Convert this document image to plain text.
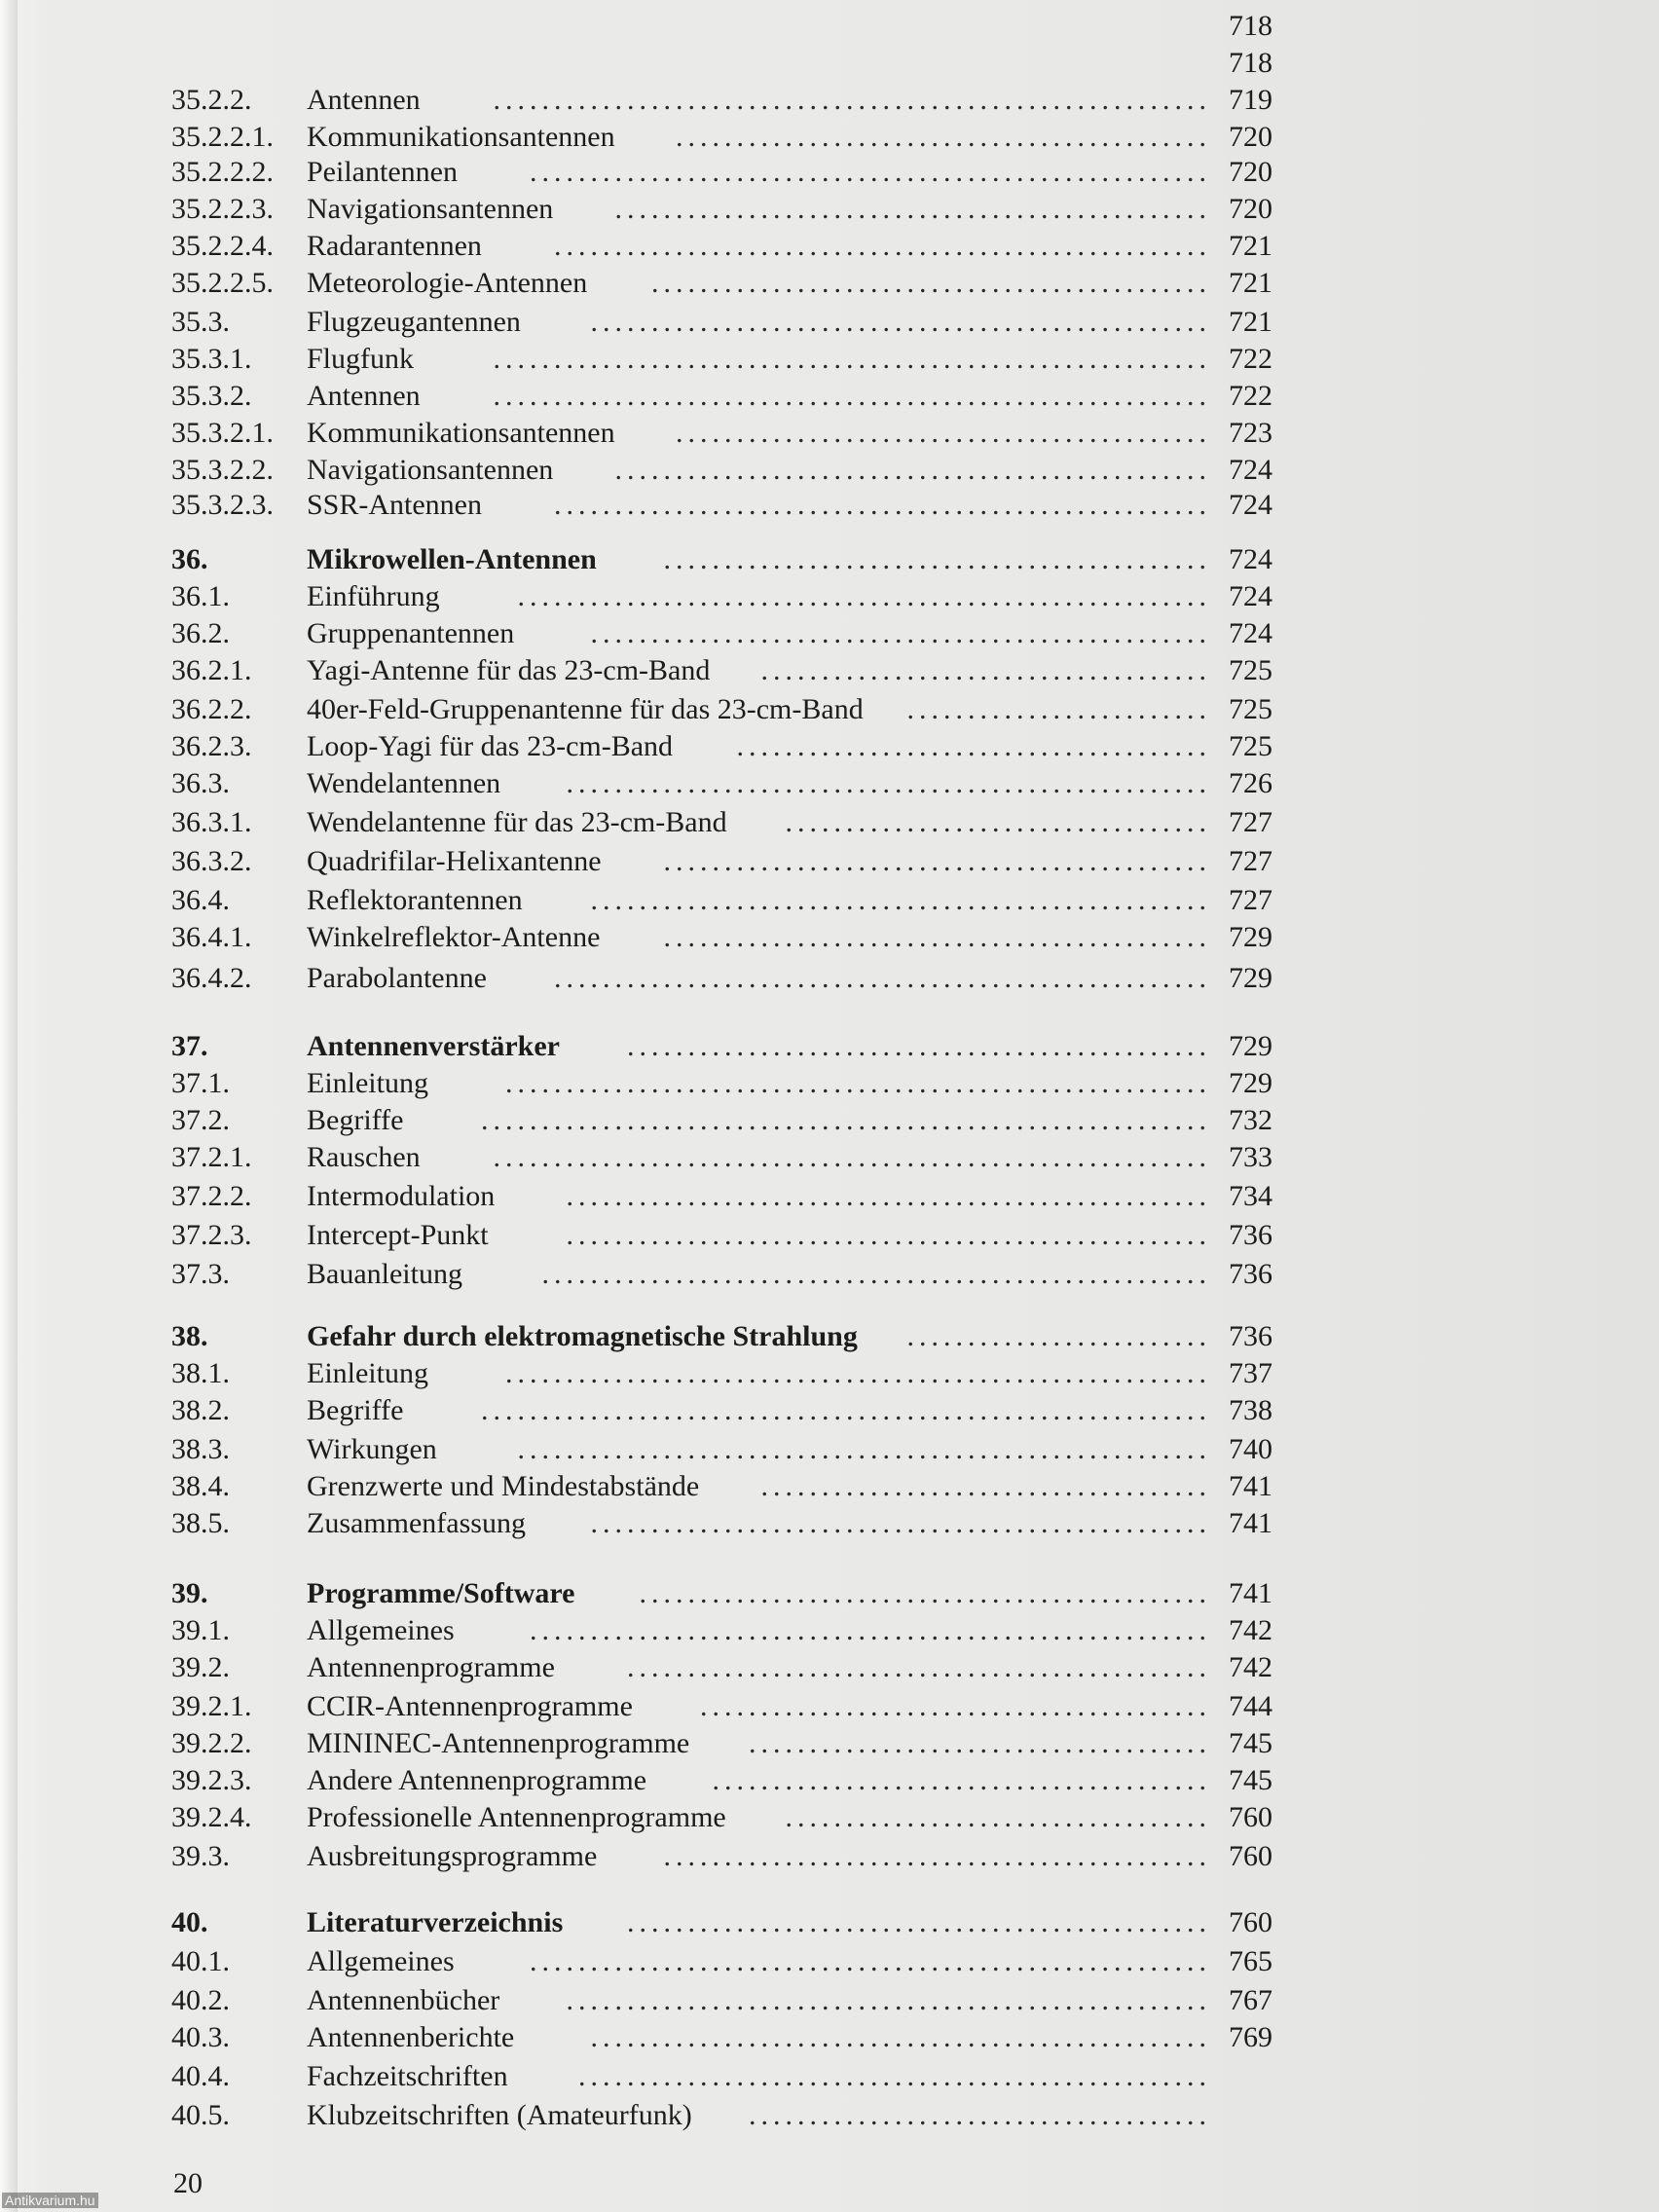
35.2.2. Antennen ........................................................... 719
35.2.2.1. Kommunikationsantennen ............................................ 720
35.2.2.2. Peilantennen ........................................................ 720
35.2.2.3. Navigationsantennen ................................................. 720
35.2.2.4. Radarantennen ...................................................... 721
35.2.2.5. Meteorologie-Antennen .............................................. 721
35.3.	Flugzeugantennen ................................................... 721
35.3.1. Flugfunk	........................................................... 722
35.3.2. Antennen ........................................................... 722
35.3.2.1. Kommunikationsantennen ............................................ 723
35.3.2.2. Navigationsantennen ................................................. 724
35.3.2.3. SSR-Antennen ...................................................... 724
36.	Mikrowellen-Antennen ............................................. 724
36.1.	Einführung	......................................................... 724
36.2.	Gruppenantennen	................................................... 724
36.2.1. Yagi-Antenne für das 23-cm-Band ..................................... 725
36.2.2. 40er-Feld-Gruppenantenne für das 23-cm-Band ......................... 725
36.2.3. Loop-Yagi für das 23-cm-Band ....................................... 725
36.3.	Wendelantennen ..................................................... 726
36.3.1. Wendelantenne für das 23-cm-Band ................................... 727
36.3.2. Quadrifilar-Helixantenne ............................................. 727
36.4.	Reflektorantennen ................................................... 727
36.4.1. Winkelreflektor-Antenne ............................................. 729
36.4.2. Parabolantenne ...................................................... 729
37.	Antennenverstärker ................................................ 729
37.1.	Einleitung	.......................................................... 729
37.2.	Begriffe	............................................................ 732
37.2.1. Rauschen ........................................................... 733
37.2.2. Intermodulation ..................................................... 734
37.2.3. Intercept-Punkt	..................................................... 736
37.3.	Bauanleitung	....................................................... 736
38.	Gefahr durch elektromagnetische Strahlung ......................... 736
38.1.	Einleitung	.......................................................... 737
38.2.	Begriffe	............................................................ 738
38.3.	Wirkungen	......................................................... 740
38.4.	Grenzwerte und Mindestabstände ..................................... 741
38.5.	Zusammenfassung ................................................... 741
39.	Programme/Software ............................................... 741
39.1.	Allgemeines	........................................................ 742
39.2.	Antennenprogramme ................................................ 742
39.2.1. CCIR-Antennenprogramme .......................................... 744
39.2.2. MININEC-Antennenprogramme ...................................... 745
39.2.3. Andere Antennenprogramme ......................................... 745
39.2.4. Professionelle Antennenprogramme ................................... 760
39.3.	Ausbreitungsprogramme ............................................. 760
40.	Literaturverzeichnis ................................................ 760
40.1.	Allgemeines	........................................................ 765
40.2.	Antennenbücher ..................................................... 767
40.3.	Antennenberichte	................................................... 769
40.4.	Fachzeitschriften ....................................................
40.5.	Klubzeitschriften (Amateurfunk) ......................................
718
718
20
Antikvarium.hu
